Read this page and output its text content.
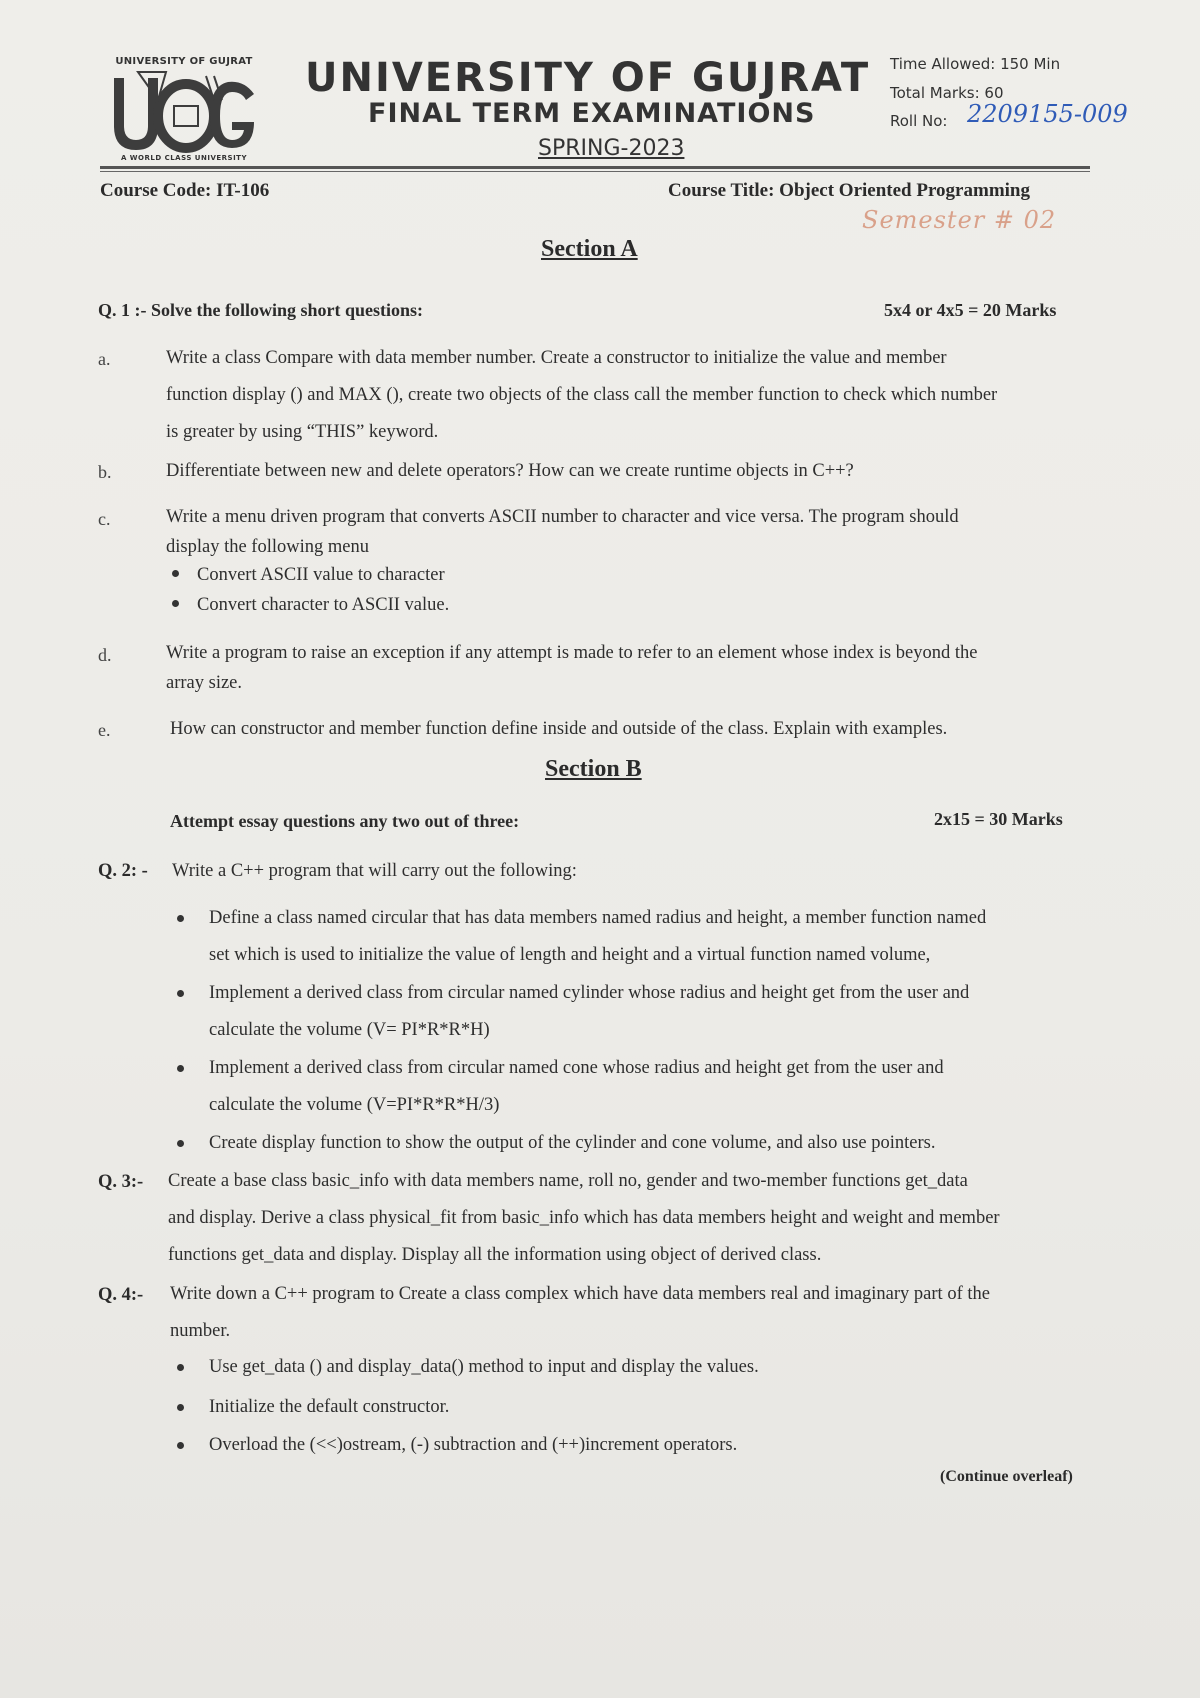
UNIVERSITY OF GUJRAT
A WORLD CLASS UNIVERSITY
UNIVERSITY OF GUJRAT
FINAL TERM EXAMINATIONS
SPRING-2023
Time Allowed: 150 Min
Total Marks: 60
Roll No: 2209155-009
Course Code: IT-106	Course Title: Object Oriented Programming
Semester # 02
Section A
Q. 1 :- Solve the following short questions:	5x4 or 4x5 = 20 Marks
a.	Write a class Compare with data member number. Create a constructor to initialize the value and member
function display () and MAX (), create two objects of the class call the member function to check which number
is greater by using “THIS” keyword.
b.	Differentiate between new and delete operators? How can we create runtime objects in C++?
c.	Write a menu driven program that converts ASCII number to character and vice versa. The program should
display the following menu
Convert ASCII value to character
Convert character to ASCII value.
d.	Write a program to raise an exception if any attempt is made to refer to an element whose index is beyond the
array size.
e.	How can constructor and member function define inside and outside of the class. Explain with examples.
Section B
Attempt essay questions any two out of three:	2x15 = 30 Marks
Q. 2: - Write a C++ program that will carry out the following:
Define a class named circular that has data members named radius and height, a member function named
set which is used to initialize the value of length and height and a virtual function named volume,
Implement a derived class from circular named cylinder whose radius and height get from the user and
calculate the volume (V= PI*R*R*H)
Implement a derived class from circular named cone whose radius and height get from the user and
calculate the volume (V=PI*R*R*H/3)
Create display function to show the output of the cylinder and cone volume, and also use pointers.
Q. 3:- Create a base class basic_info with data members name, roll no, gender and two-member functions get_data
and display. Derive a class physical_fit from basic_info which has data members height and weight and member
functions get_data and display. Display all the information using object of derived class.
Q. 4:- Write down a C++ program to Create a class complex which have data members real and imaginary part of the
number.
Use get_data () and display_data() method to input and display the values.
Initialize the default constructor.
Overload the (<<)ostream, (-) subtraction and (++)increment operators.
(Continue overleaf)
